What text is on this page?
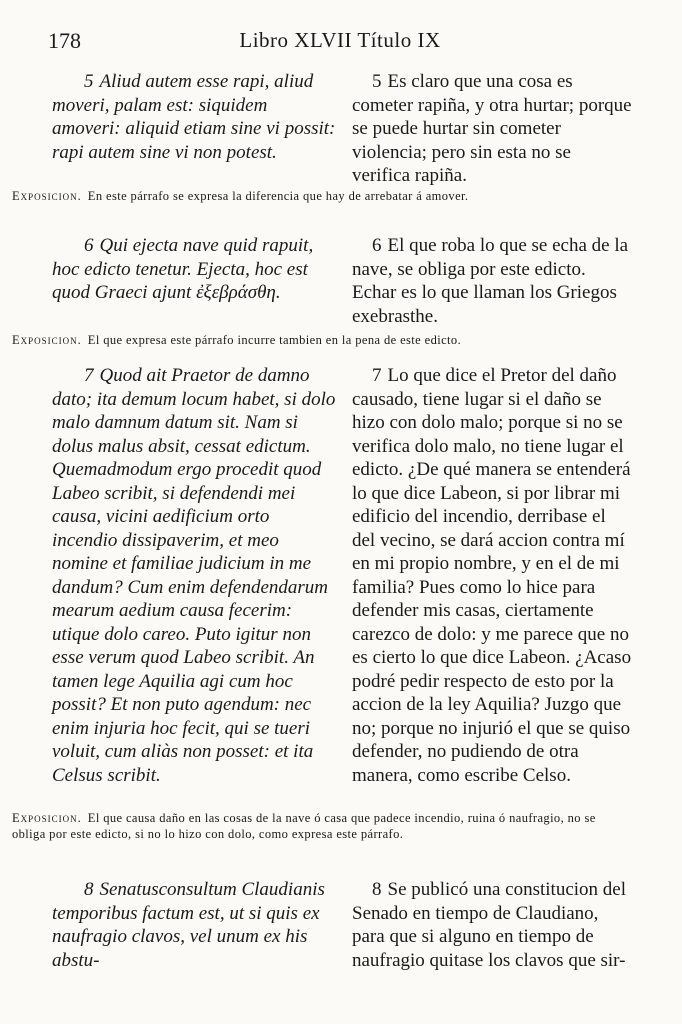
178	Libro XLVII Título IX

5 Aliud autem esse rapi, aliud moveri, palam est: siquidem amoveri: aliquid etiam sine vi possit: rapi autem sine vi non potest.

5 Es claro que una cosa es cometer rapiña, y otra hurtar; porque se puede hurtar sin cometer violencia; pero sin esta no se verifica rapiña.

Exposicion. En este párrafo se expresa la diferencia que hay de arrebatar á amover.

6 Qui ejecta nave quid rapuit, hoc edicto tenetur. Ejecta, hoc est quod Graeci ajunt ἐξεβράσθη.

6 El que roba lo que se echa de la nave, se obliga por este edicto. Echar es lo que llaman los Griegos exebrasthe.

Exposicion. El que expresa este párrafo incurre tambien en la pena de este edicto.

7 Quod ait Praetor de damno dato; ita demum locum habet, si dolo malo damnum datum sit. Nam si dolus malus absit, cessat edictum. Quemadmodum ergo procedit quod Labeo scribit, si defendendi mei causa, vicini aedificium orto incendio dissipaverim, et meo nomine et familiae judicium in me dandum? Cum enim defendendarum mearum aedium causa fecerim: utique dolo careo. Puto igitur non esse verum quod Labeo scribit. An tamen lege Aquilia agi cum hoc possit? Et non puto agendum: nec enim injuria hoc fecit, qui se tueri voluit, cum aliàs non posset: et ita Celsus scribit.

7 Lo que dice el Pretor del daño causado, tiene lugar si el daño se hizo con dolo malo; porque si no se verifica dolo malo, no tiene lugar el edicto. ¿De qué manera se entenderá lo que dice Labeon, si por librar mi edificio del incendio, derribase el del vecino, se dará accion contra mí en mi propio nombre, y en el de mi familia? Pues como lo hice para defender mis casas, ciertamente carezco de dolo: y me parece que no es cierto lo que dice Labeon. ¿Acaso podré pedir respecto de esto por la accion de la ley Aquilia? Juzgo que no; porque no injurió el que se quiso defender, no pudiendo de otra manera, como escribe Celso.

Exposicion. El que causa daño en las cosas de la nave ó casa que padece incendio, ruina ó naufragio, no se obliga por este edicto, si no lo hizo con dolo, como expresa este párrafo.

8 Senatusconsultum Claudianis temporibus factum est, ut si quis ex naufragio clavos, vel unum ex his abstu-

8 Se publicó una constitucion del Senado en tiempo de Claudiano, para que si alguno en tiempo de naufragio quitase los clavos que sir-
